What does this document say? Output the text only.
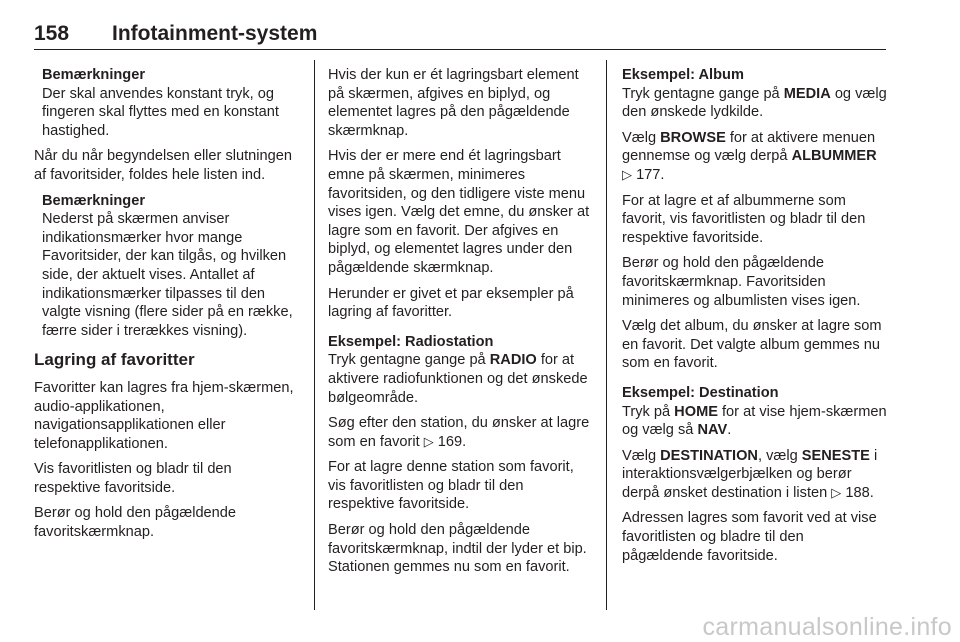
158 Infotainment-system
Bemærkninger
Der skal anvendes konstant tryk, og fingeren skal flyttes med en konstant hastighed.

Når du når begyndelsen eller slutningen af favoritsider, foldes hele listen ind.

Bemærkninger
Nederst på skærmen anviser indikationsmærker hvor mange Favoritsider, der kan tilgås, og hvilken side, der aktuelt vises. Antallet af indikationsmærker tilpasses til den valgte visning (flere sider på en række, færre sider i trerækkes visning).
Lagring af favoritter

Favoritter kan lagres fra hjem-skærmen, audio-applikationen, navigationsapplikationen eller telefonapplikationen.

Vis favoritlisten og bladr til den respektive favoritside.

Berør og hold den pågældende favoritskærmknap.

Hvis der kun er ét lagringsbart element på skærmen, afgives en biplyd, og elementet lagres på den pågældende skærmknap.

Hvis der er mere end ét lagringsbart emne på skærmen, minimeres favoritsiden, og den tidligere viste menu vises igen. Vælg det emne, du ønsker at lagre som en favorit. Der afgives en biplyd, og elementet lagres under den pågældende skærmknap.

Herunder er givet et par eksempler på lagring af favoritter.

Eksempel: Radiostation

Tryk gentagne gange på RADIO for at aktivere radiofunktionen og det ønskede bølgeområde.

Søg efter den station, du ønsker at lagre som en favorit ▷ 169.

For at lagre denne station som favorit, vis favoritlisten og bladr til den respektive favoritside.

Berør og hold den pågældende favoritskærmknap, indtil der lyder et bip. Stationen gemmes nu som en favorit.

Eksempel: Album

Tryk gentagne gange på MEDIA og vælg den ønskede lydkilde.

Vælg BROWSE for at aktivere menuen gennemse og vælg derpå ALBUMMER ▷ 177.

For at lagre et af albummerne som favorit, vis favoritlisten og bladr til den respektive favoritside.

Berør og hold den pågældende favoritskærmknap. Favoritsiden minimeres og albumlisten vises igen.

Vælg det album, du ønsker at lagre som en favorit. Det valgte album gemmes nu som en favorit.

Eksempel: Destination

Tryk på HOME for at vise hjem-skærmen og vælg så NAV.

Vælg DESTINATION, vælg SENESTE i interaktionsvælgerbjælken og berør derpå ønsket destination i listen ▷ 188.

Adressen lagres som favorit ved at vise favoritlisten og bladre til den pågældende favoritside.

carmanualsonline.info
